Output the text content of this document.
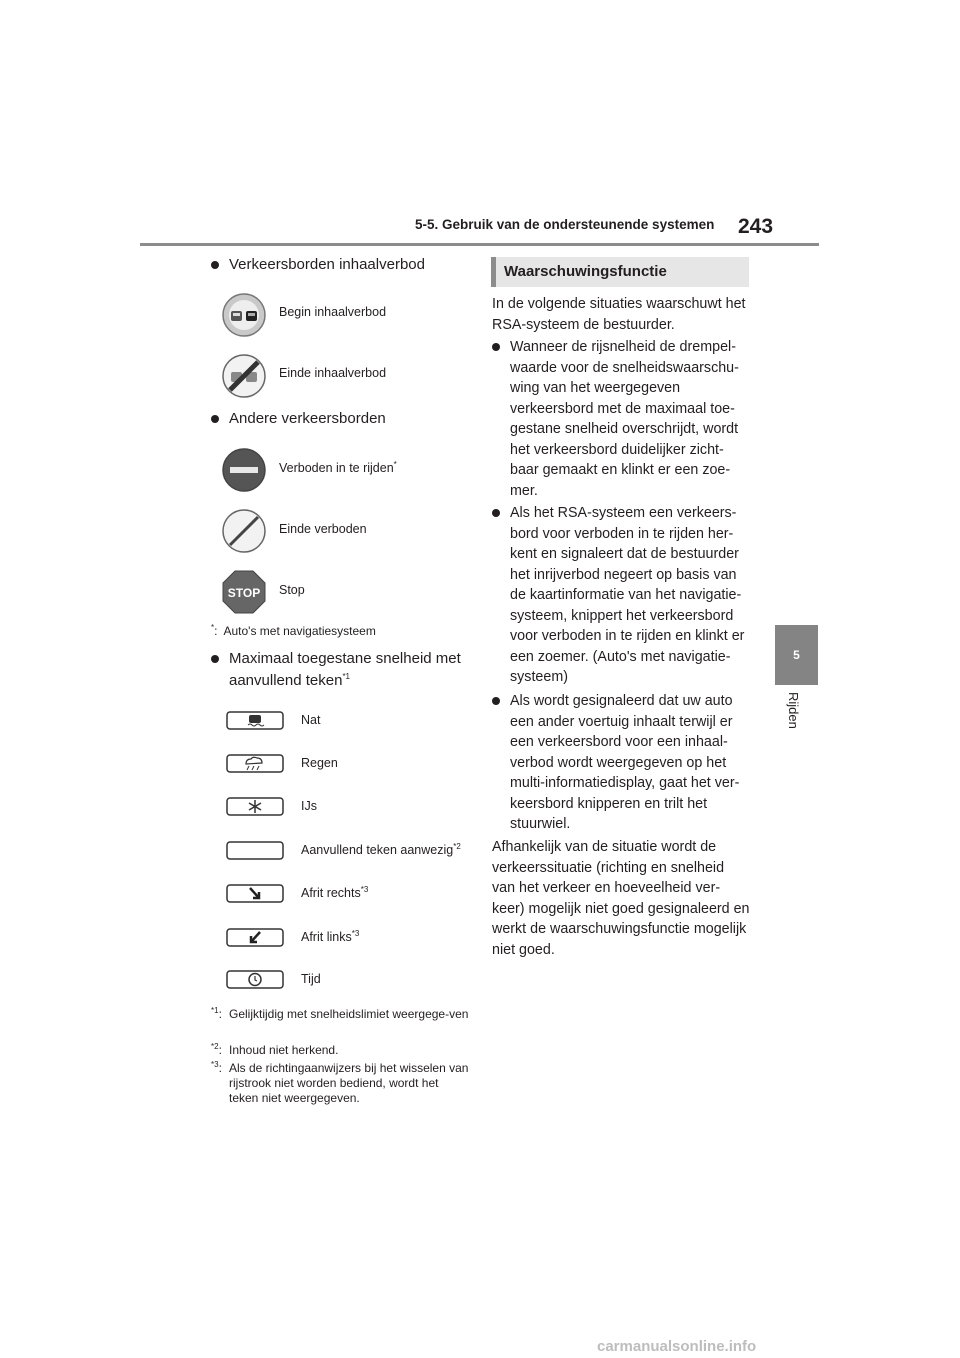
5-5. Gebruik van de ondersteunende systemen 243
5
Rijden
Verkeersborden inhaalverbod
Begin inhaalverbod
Einde inhaalverbod
Andere verkeersborden
Verboden in te rijden*
Einde verboden
STOP Stop
*: Auto's met navigatiesysteem
Maximaal toegestane snelheid met aanvullend teken$^{*1}$
Nat
Regen
IJs
Aanvullend teken aanwezig$^{*2}$
Afrit rechts$^{*3}$
Afrit links$^{*3}$
Tijd
$^{*1}$: Gelijktijdig met snelheidslimiet weergege-ven
$^{*2}$: Inhoud niet herkend.
$^{*3}$: Als de richtingaanwijzers bij het wisselen van rijstrook niet worden bediend, wordt het teken niet weergegeven.
Waarschuwingsfunctie
In de volgende situaties waarschuwt het RSA-systeem de bestuurder.
Wanneer de rijsnelheid de drempel-waarde voor de snelheidswaarschu-wing van het weergegeven verkeersbord met de maximaal toe-gestane snelheid overschrijdt, wordt het verkeersbord duidelijker zicht-baar gemaakt en klinkt er een zoe-mer.
Als het RSA-systeem een verkeers-bord voor verboden in te rijden her-kent en signaleert dat de bestuurder het inrijverbod negeert op basis van de kaartinformatie van het navigatie-systeem, knippert het verkeersbord voor verboden in te rijden en klinkt er een zoemer. (Auto's met navigatie-systeem)
Als wordt gesignaleerd dat uw auto een ander voertuig inhaalt terwijl er een verkeersbord voor een inhaal-verbod wordt weergegeven op het multi-informatiedisplay, gaat het ver-keersbord knipperen en trilt het stuurwiel.
Afhankelijk van de situatie wordt de verkeerssituatie (richting en snelheid van het verkeer en hoeveelheid ver-keer) mogelijk niet goed gesignaleerd en werkt de waarschuwingsfunctie mogelijk niet goed.
carmanualsonline.info
